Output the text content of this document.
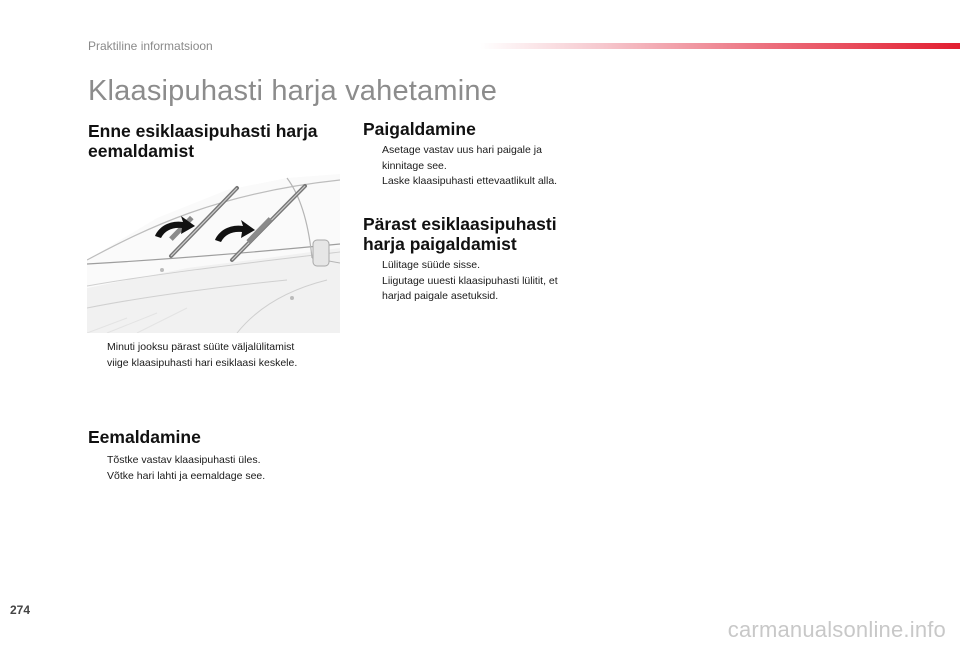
Praktiline informatsioon
Klaasipuhasti harja vahetamine
Enne esiklaasipuhasti harja
eemaldamist
Minuti jooksu pärast süüte väljalülitamist
viige klaasipuhasti hari esiklaasi keskele.
Eemaldamine
Tõstke vastav klaasipuhasti üles.
Võtke hari lahti ja eemaldage see.
Paigaldamine
Asetage vastav uus hari paigale ja
kinnitage see.
Laske klaasipuhasti ettevaatlikult alla.
Pärast esiklaasipuhasti
harja paigaldamist
Lülitage süüde sisse.
Liigutage uuesti klaasipuhasti lülitit, et
harjad paigale asetuksid.
274
carmanualsonline.info
